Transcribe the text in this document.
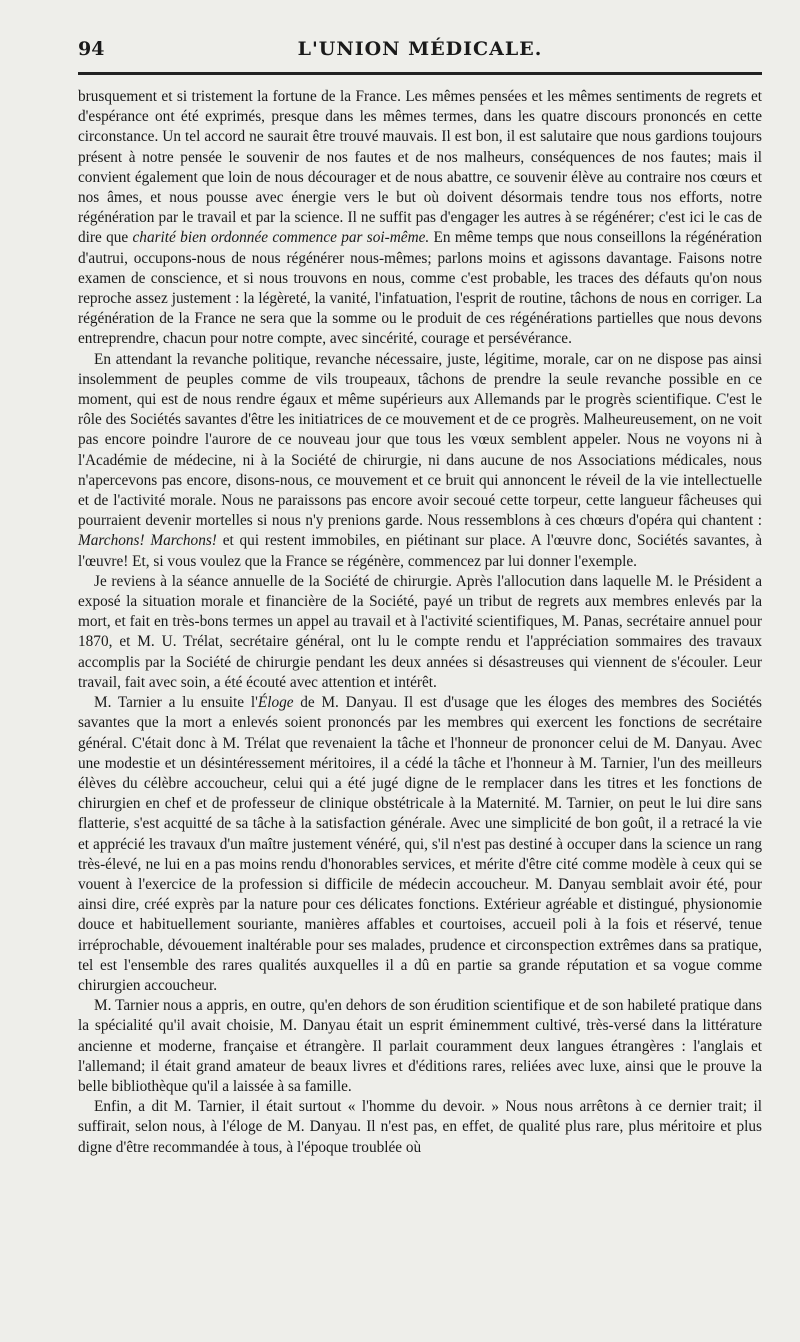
94	L'UNION MÉDICALE.

brusquement et si tristement la fortune de la France. Les mêmes pensées et les mêmes sentiments de regrets et d'espérance ont été exprimés, presque dans les mêmes termes, dans les quatre discours prononcés en cette circonstance. Un tel accord ne saurait être trouvé mauvais. Il est bon, il est salutaire que nous gardions toujours présent à notre pensée le souvenir de nos fautes et de nos malheurs, conséquences de nos fautes; mais il convient également que loin de nous décourager et de nous abattre, ce souvenir élève au contraire nos cœurs et nos âmes, et nous pousse avec énergie vers le but où doivent désormais tendre tous nos efforts, notre régénération par le travail et par la science. Il ne suffit pas d'engager les autres à se régénérer; c'est ici le cas de dire que charité bien ordonnée commence par soi-même. En même temps que nous conseillons la régénération d'autrui, occupons-nous de nous régénérer nous-mêmes; parlons moins et agissons davantage. Faisons notre examen de conscience, et si nous trouvons en nous, comme c'est probable, les traces des défauts qu'on nous reproche assez justement : la légèreté, la vanité, l'infatuation, l'esprit de routine, tâchons de nous en corriger. La régénération de la France ne sera que la somme ou le produit de ces régénérations partielles que nous devons entreprendre, chacun pour notre compte, avec sincérité, courage et persévérance.

En attendant la revanche politique, revanche nécessaire, juste, légitime, morale, car on ne dispose pas ainsi insolemment de peuples comme de vils troupeaux, tâchons de prendre la seule revanche possible en ce moment, qui est de nous rendre égaux et même supérieurs aux Allemands par le progrès scientifique. C'est le rôle des Sociétés savantes d'être les initiatrices de ce mouvement et de ce progrès. Malheureusement, on ne voit pas encore poindre l'aurore de ce nouveau jour que tous les vœux semblent appeler. Nous ne voyons ni à l'Académie de médecine, ni à la Société de chirurgie, ni dans aucune de nos Associations médicales, nous n'apercevons pas encore, disons-nous, ce mouvement et ce bruit qui annoncent le réveil de la vie intellectuelle et de l'activité morale. Nous ne paraissons pas encore avoir secoué cette torpeur, cette langueur fâcheuses qui pourraient devenir mortelles si nous n'y prenions garde. Nous ressemblons à ces chœurs d'opéra qui chantent : Marchons! Marchons! et qui restent immobiles, en piétinant sur place. A l'œuvre donc, Sociétés savantes, à l'œuvre! Et, si vous voulez que la France se régénère, commencez par lui donner l'exemple.

Je reviens à la séance annuelle de la Société de chirurgie. Après l'allocution dans laquelle M. le Président a exposé la situation morale et financière de la Société, payé un tribut de regrets aux membres enlevés par la mort, et fait en très-bons termes un appel au travail et à l'activité scientifiques, M. Panas, secrétaire annuel pour 1870, et M. U. Trélat, secrétaire général, ont lu le compte rendu et l'appréciation sommaires des travaux accomplis par la Société de chirurgie pendant les deux années si désastreuses qui viennent de s'écouler. Leur travail, fait avec soin, a été écouté avec attention et intérêt.

M. Tarnier a lu ensuite l'Éloge de M. Danyau. Il est d'usage que les éloges des membres des Sociétés savantes que la mort a enlevés soient prononcés par les membres qui exercent les fonctions de secrétaire général. C'était donc à M. Trélat que revenaient la tâche et l'honneur de prononcer celui de M. Danyau. Avec une modestie et un désintéressement méritoires, il a cédé la tâche et l'honneur à M. Tarnier, l'un des meilleurs élèves du célèbre accoucheur, celui qui a été jugé digne de le remplacer dans les titres et les fonctions de chirurgien en chef et de professeur de clinique obstétricale à la Maternité. M. Tarnier, on peut le lui dire sans flatterie, s'est acquitté de sa tâche à la satisfaction générale. Avec une simplicité de bon goût, il a retracé la vie et apprécié les travaux d'un maître justement vénéré, qui, s'il n'est pas destiné à occuper dans la science un rang très-élevé, ne lui en a pas moins rendu d'honorables services, et mérite d'être cité comme modèle à ceux qui se vouent à l'exercice de la profession si difficile de médecin accoucheur. M. Danyau semblait avoir été, pour ainsi dire, créé exprès par la nature pour ces délicates fonctions. Extérieur agréable et distingué, physionomie douce et habituellement souriante, manières affables et courtoises, accueil poli à la fois et réservé, tenue irréprochable, dévouement inaltérable pour ses malades, prudence et circonspection extrêmes dans sa pratique, tel est l'ensemble des rares qualités auxquelles il a dû en partie sa grande réputation et sa vogue comme chirurgien accoucheur.

M. Tarnier nous a appris, en outre, qu'en dehors de son érudition scientifique et de son habileté pratique dans la spécialité qu'il avait choisie, M. Danyau était un esprit éminemment cultivé, très-versé dans la littérature ancienne et moderne, française et étrangère. Il parlait couramment deux langues étrangères : l'anglais et l'allemand; il était grand amateur de beaux livres et d'éditions rares, reliées avec luxe, ainsi que le prouve la belle bibliothèque qu'il a laissée à sa famille.

Enfin, a dit M. Tarnier, il était surtout « l'homme du devoir. » Nous nous arrêtons à ce dernier trait; il suffirait, selon nous, à l'éloge de M. Danyau. Il n'est pas, en effet, de qualité plus rare, plus méritoire et plus digne d'être recommandée à tous, à l'époque troublée où
